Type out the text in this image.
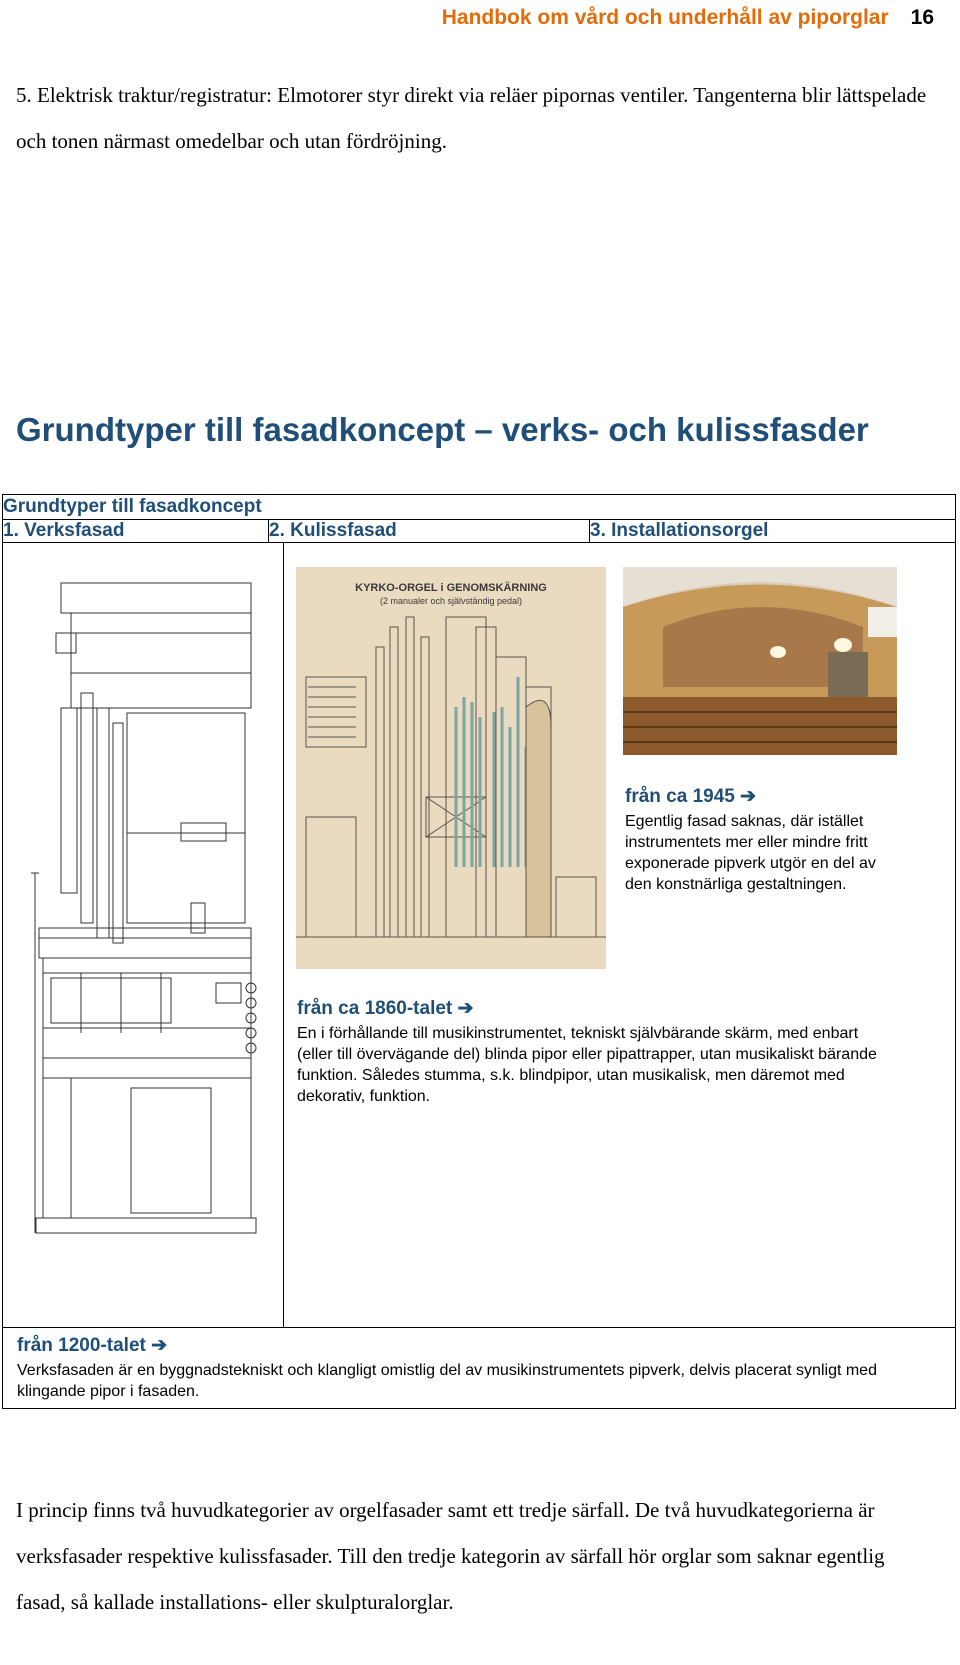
Handbok om vård och underhåll av piporglar 16
5. Elektrisk traktur/registratur: Elmotorer styr direkt via reläer pipornas ventiler. Tangenterna blir lättspelade och tonen närmast omedelbar och utan fördröjning.
Grundtyper till fasadkoncept – verks- och kulissfasder
Grundtyper till fasadkoncept
1. Verksfasad	2. Kulissfasad	3. Installationsorgel

KYRKO-ORGEL i GENOMSKÄRNING
(2 manualer och självständig pedal)
från ca 1945 ➔
Egentlig fasad saknas, där istället instrumentets mer eller mindre fritt exponerade pipverk utgör en del av den konstnärliga gestaltningen.
från ca 1860-talet ➔
En i förhållande till musikinstrumentet, tekniskt självbärande skärm, med enbart (eller till övervägande del) blinda pipor eller pipattrapper, utan musikaliskt bärande funktion. Således stumma, s.k. blindpipor, utan musikalisk, men däremot med dekorativ, funktion.

från 1200-talet ➔
Verksfasaden är en byggnadstekniskt och klangligt omistlig del av musikinstrumentets pipverk, delvis placerat synligt med klingande pipor i fasaden.
I princip finns två huvudkategorier av orgelfasader samt ett tredje särfall. De två huvudkategorierna är verksfasader respektive kulissfasader. Till den tredje kategorin av särfall hör orglar som saknar egentlig fasad, så kallade installations- eller skulpturalorglar.
